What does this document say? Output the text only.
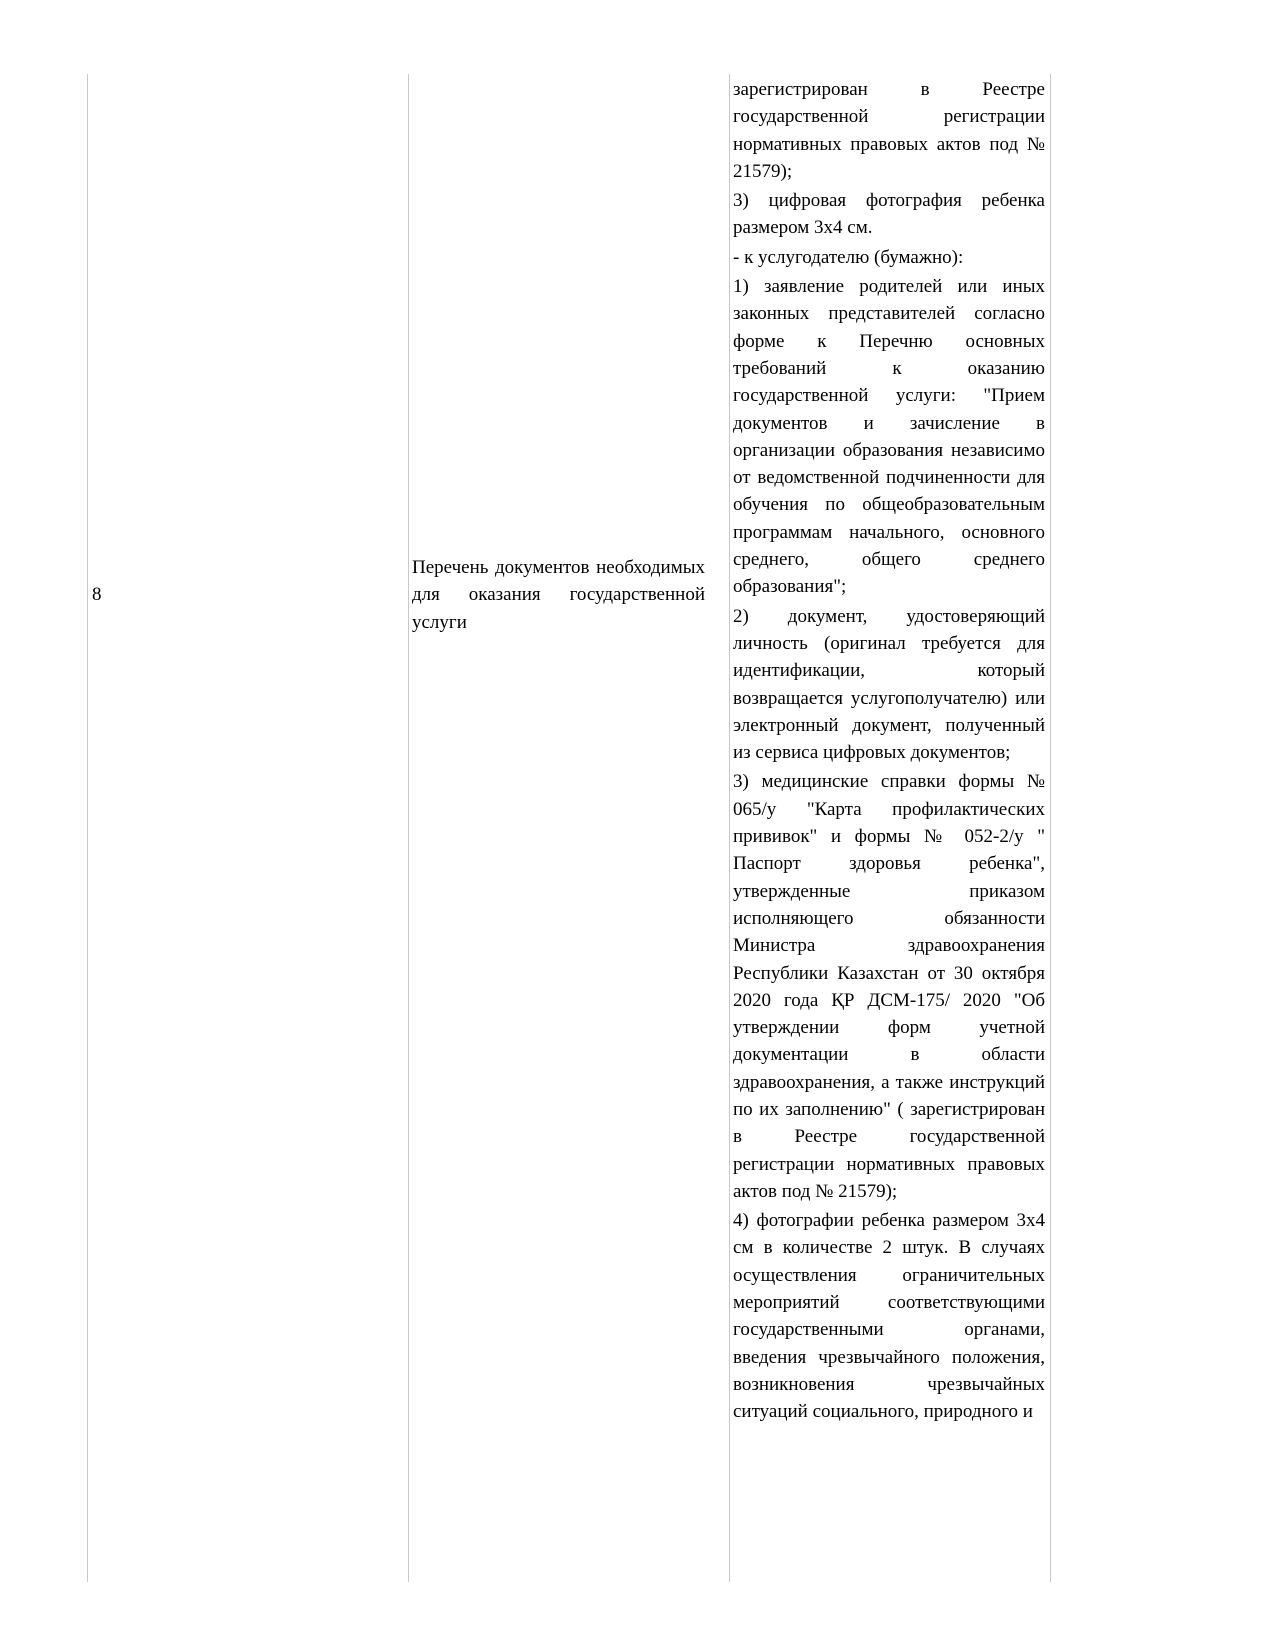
8
Перечень документов необходимых для оказания государственной услуги
зарегистрирован в Реестре государственной регистрации нормативных правовых актов под № 21579);
3) цифровая фотография ребенка размером 3х4 см.
- к услугодателю (бумажно):
1) заявление родителей или иных законных представителей согласно форме к Перечню основных требований к оказанию государственной услуги: "Прием документов и зачисление в организации образования независимо от ведомственной подчиненности для обучения по общеобразовательным программам начального, основного среднего, общего среднего образования";
2) документ, удостоверяющий личность (оригинал требуется для идентификации, который возвращается услугополучателю) или электронный документ, полученный из сервиса цифровых документов;
3) медицинские справки формы № 065/у "Карта профилактических прививок" и формы № 052-2/у " Паспорт здоровья ребенка", утвержденные приказом исполняющего обязанности Министра здравоохранения Республики Казахстан от 30 октября 2020 года ҚР ДСМ-175/ 2020 "Об утверждении форм учетной документации в области здравоохранения, а также инструкций по их заполнению" ( зарегистрирован в Реестре государственной регистрации нормативных правовых актов под № 21579);
4) фотографии ребенка размером 3х4 см в количестве 2 штук. В случаях осуществления ограничительных мероприятий соответствующими государственными органами, введения чрезвычайного положения, возникновения чрезвычайных ситуаций социального, природного и
